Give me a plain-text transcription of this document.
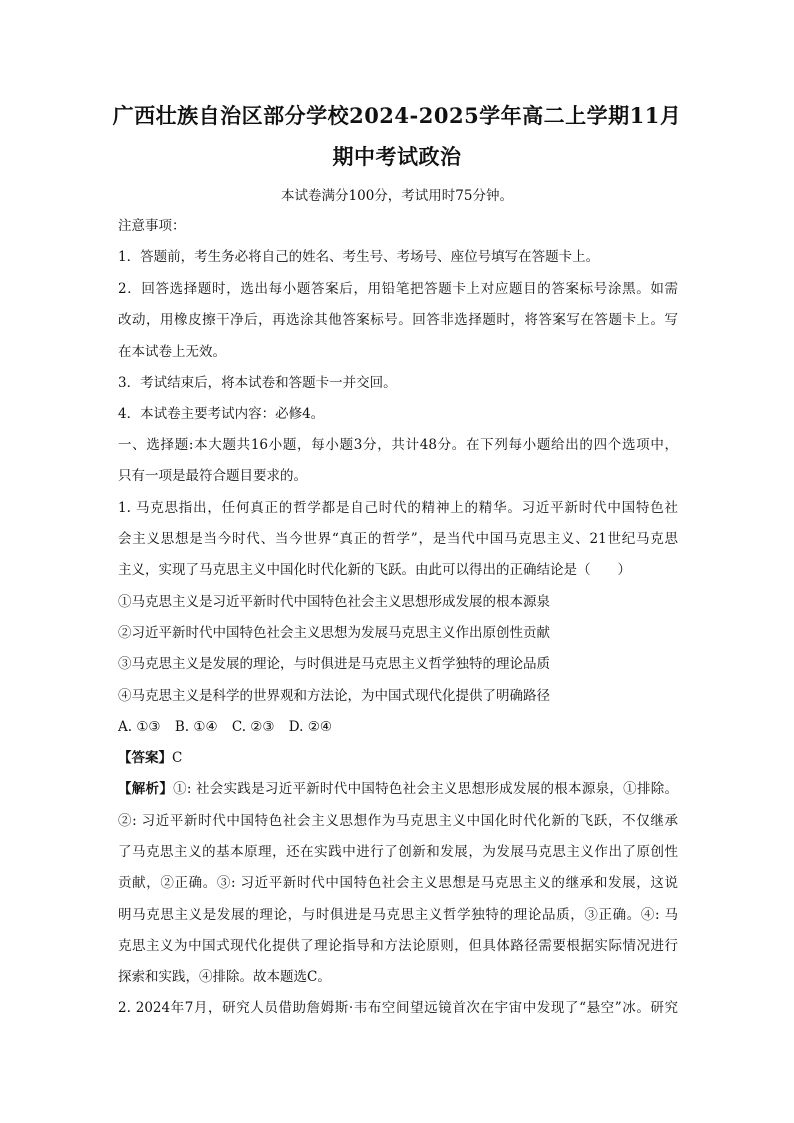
广西壮族自治区部分学校2024-2025学年高二上学期11月
期中考试政治
本试卷满分100分，考试用时75分钟。
注意事项：
1．答题前，考生务必将自己的姓名、考生号、考场号、座位号填写在答题卡上。
2．回答选择题时，选出每小题答案后，用铅笔把答题卡上对应题目的答案标号涂黑。如需
改动，用橡皮擦干净后，再选涂其他答案标号。回答非选择题时，将答案写在答题卡上。写
在本试卷上无效。
3．考试结束后，将本试卷和答题卡一并交回。
4．本试卷主要考试内容：必修4。
一、选择题:本大题共16小题，每小题3分，共计48分。在下列每小题给出的四个选项中，
只有一项是最符合题目要求的。
1. 马克思指出，任何真正的哲学都是自己时代的精神上的精华。习近平新时代中国特色社
会主义思想是当今时代、当今世界“真正的哲学”，是当代中国马克思主义、21世纪马克思
主义，实现了马克思主义中国化时代化新的飞跃。由此可以得出的正确结论是（　　）
①马克思主义是习近平新时代中国特色社会主义思想形成发展的根本源泉
②习近平新时代中国特色社会主义思想为发展马克思主义作出原创性贡献
③马克思主义是发展的理论，与时俱进是马克思主义哲学独特的理论品质
④马克思主义是科学的世界观和方法论，为中国式现代化提供了明确路径
A. ①③ B. ①④ C. ②③ D. ②④
【答案】C
【解析】①: 社会实践是习近平新时代中国特色社会主义思想形成发展的根本源泉，①排除。
②: 习近平新时代中国特色社会主义思想作为马克思主义中国化时代化新的飞跃，不仅继承
了马克思主义的基本原理，还在实践中进行了创新和发展，为发展马克思主义作出了原创性
贡献，②正确。③: 习近平新时代中国特色社会主义思想是马克思主义的继承和发展，这说
明马克思主义是发展的理论，与时俱进是马克思主义哲学独特的理论品质，③正确。④: 马
克思主义为中国式现代化提供了理论指导和方法论原则，但具体路径需要根据实际情况进行
探索和实践，④排除。故本题选C。
2. 2024年7月，研究人员借助詹姆斯·韦布空间望远镜首次在宇宙中发现了“悬空”冰。研究
